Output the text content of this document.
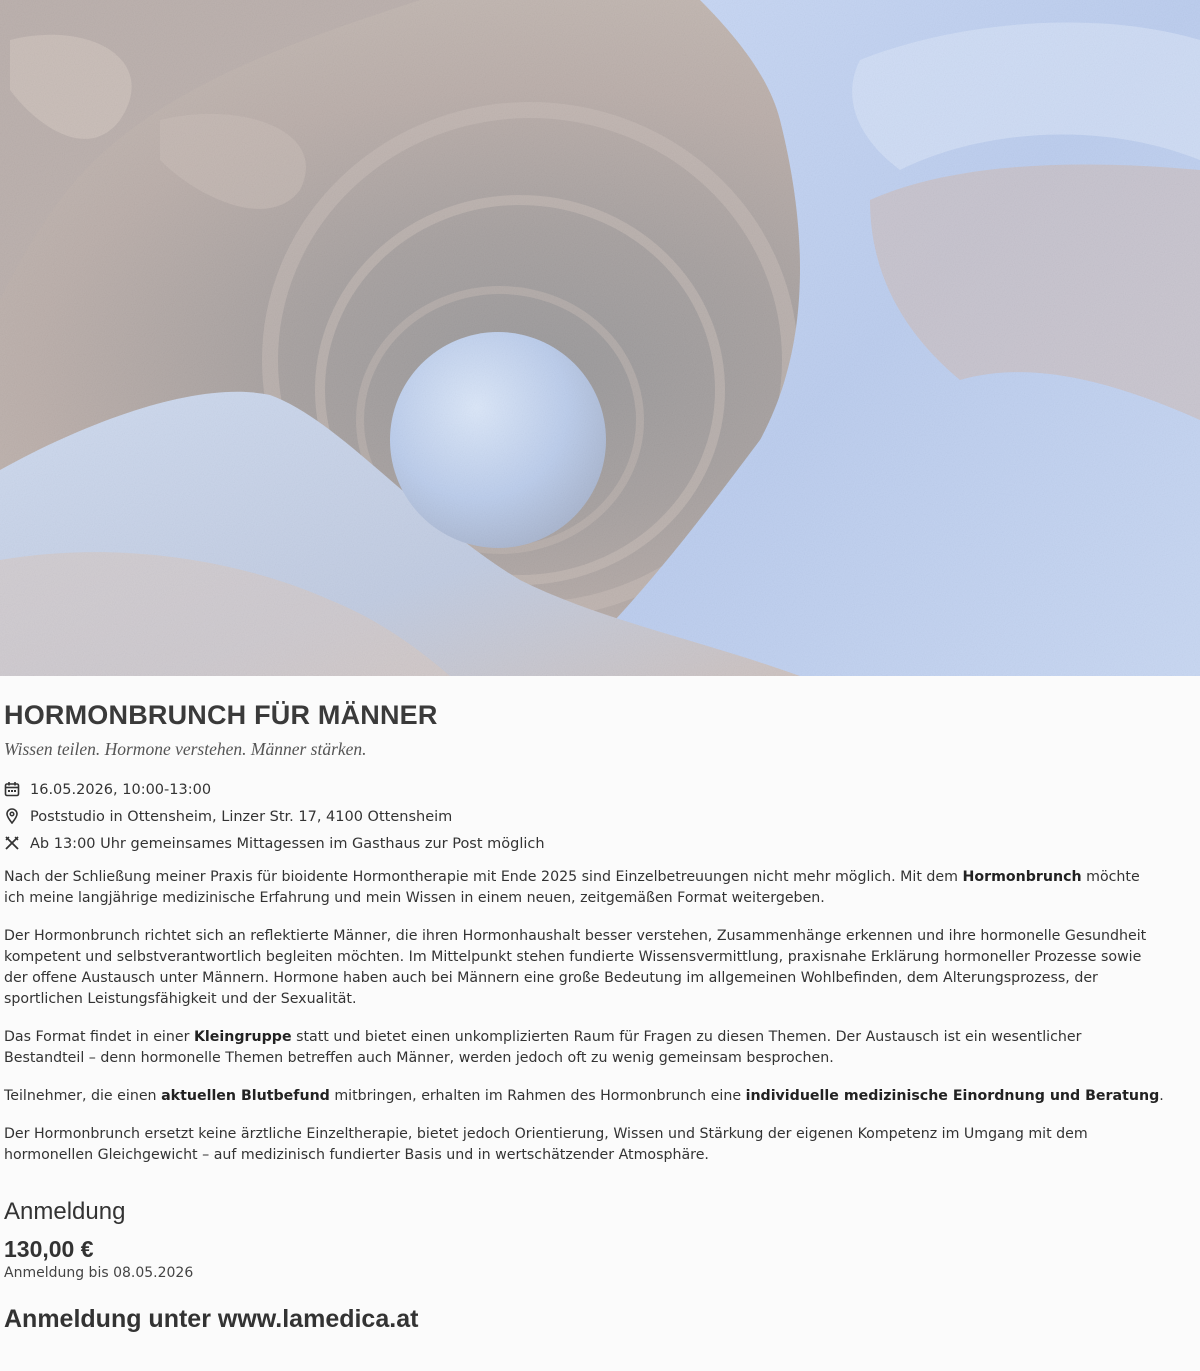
HORMONBRUNCH FÜR MÄNNER
Wissen teilen. Hormone verstehen. Männer stärken.
16.05.2026, 10:00-13:00
Poststudio in Ottensheim, Linzer Str. 17, 4100 Ottensheim
Ab 13:00 Uhr gemeinsames Mittagessen im Gasthaus zur Post möglich

Nach der Schließung meiner Praxis für bioidente Hormontherapie mit Ende 2025 sind Einzelbetreuungen nicht mehr möglich. Mit dem Hormonbrunch möchte ich meine langjährige medizinische Erfahrung und mein Wissen in einem neuen, zeitgemäßen Format weitergeben.

Der Hormonbrunch richtet sich an reflektierte Männer, die ihren Hormonhaushalt besser verstehen, Zusammenhänge erkennen und ihre hormonelle Gesundheit kompetent und selbstverantwortlich begleiten möchten. Im Mittelpunkt stehen fundierte Wissensvermittlung, praxisnahe Erklärung hormoneller Prozesse sowie der offene Austausch unter Männern. Hormone haben auch bei Männern eine große Bedeutung im allgemeinen Wohlbefinden, dem Alterungsprozess, der sportlichen Leistungsfähigkeit und der Sexualität.

Das Format findet in einer Kleingruppe statt und bietet einen unkomplizierten Raum für Fragen zu diesen Themen. Der Austausch ist ein wesentlicher Bestandteil – denn hormonelle Themen betreffen auch Männer, werden jedoch oft zu wenig gemeinsam besprochen.

Teilnehmer, die einen aktuellen Blutbefund mitbringen, erhalten im Rahmen des Hormonbrunch eine individuelle medizinische Einordnung und Beratung.

Der Hormonbrunch ersetzt keine ärztliche Einzeltherapie, bietet jedoch Orientierung, Wissen und Stärkung der eigenen Kompetenz im Umgang mit dem hormonellen Gleichgewicht – auf medizinisch fundierter Basis und in wertschätzender Atmosphäre.

Anmeldung
130,00 €
Anmeldung bis 08.05.2026
Anmeldung unter www.lamedica.at
